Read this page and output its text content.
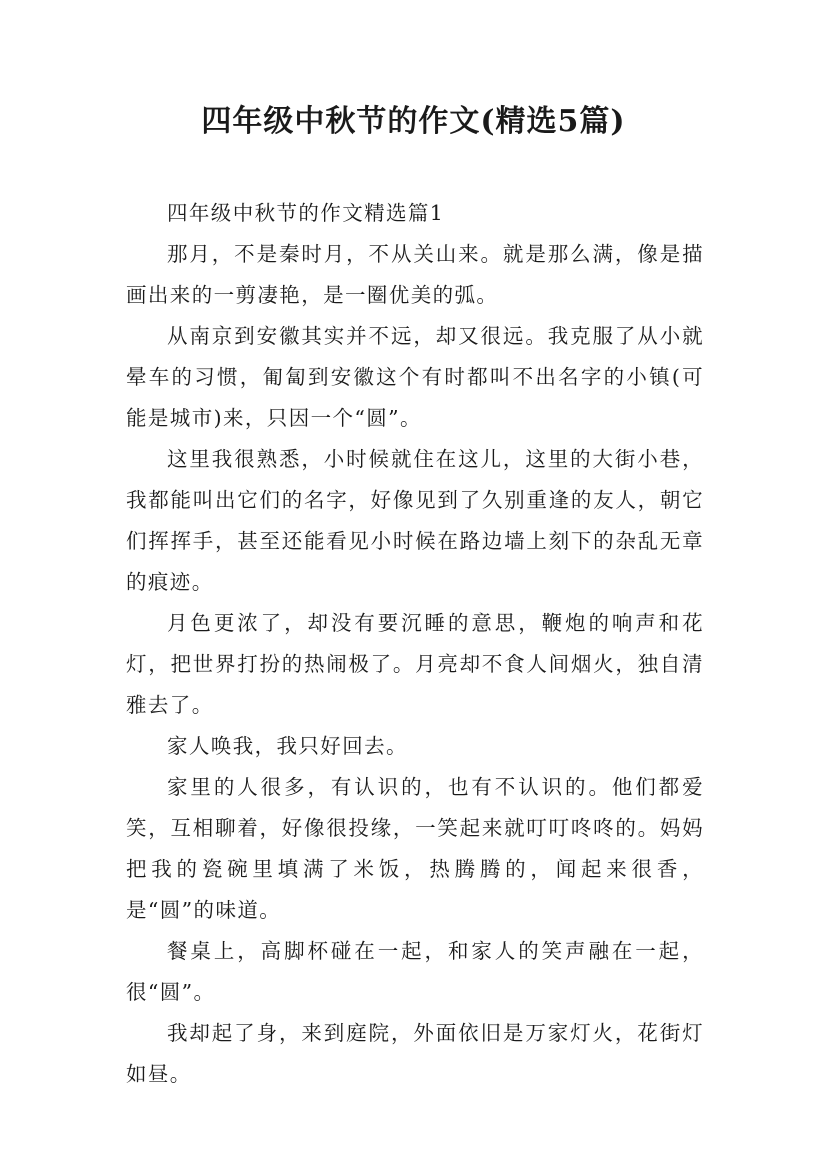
四年级中秋节的作文(精选5篇)

四年级中秋节的作文精选篇1

那月，不是秦时月，不从关山来。就是那么满，像是描画出来的一剪凄艳，是一圈优美的弧。

从南京到安徽其实并不远，却又很远。我克服了从小就晕车的习惯，匍匐到安徽这个有时都叫不出名字的小镇(可能是城市)来，只因一个“圆”。

这里我很熟悉，小时候就住在这儿，这里的大街小巷，我都能叫出它们的名字，好像见到了久别重逢的友人，朝它们挥挥手，甚至还能看见小时候在路边墙上刻下的杂乱无章的痕迹。

月色更浓了，却没有要沉睡的意思，鞭炮的响声和花灯，把世界打扮的热闹极了。月亮却不食人间烟火，独自清雅去了。

家人唤我，我只好回去。

家里的人很多，有认识的，也有不认识的。他们都爱笑，互相聊着，好像很投缘，一笑起来就叮叮咚咚的。妈妈把我的瓷碗里填满了米饭，热腾腾的，闻起来很香，是“圆”的味道。

餐桌上，高脚杯碰在一起，和家人的笑声融在一起，很“圆”。

我却起了身，来到庭院，外面依旧是万家灯火，花街灯如昼。
